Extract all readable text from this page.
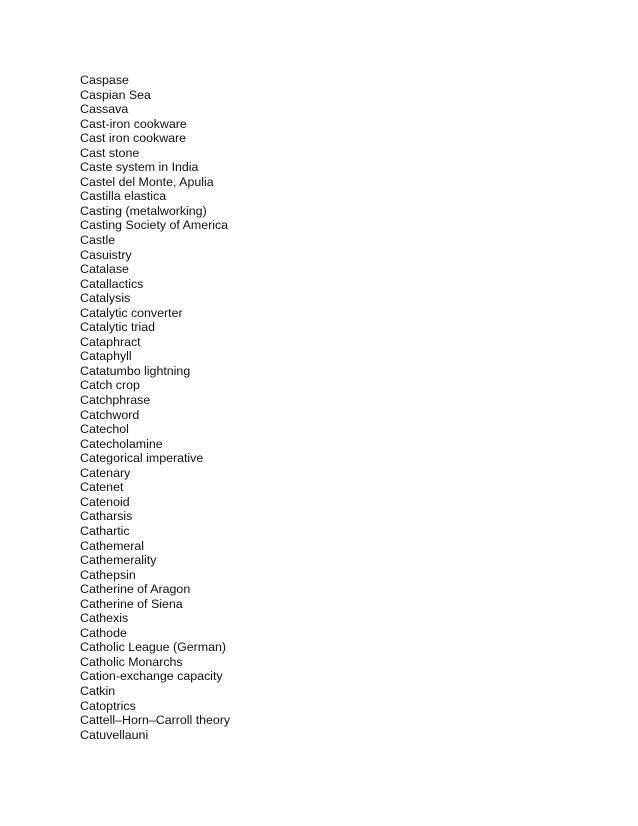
Caspase
Caspian Sea
Cassava
Cast-iron cookware
Cast iron cookware
Cast stone
Caste system in India
Castel del Monte, Apulia
Castilla elastica
Casting (metalworking)
Casting Society of America
Castle
Casuistry
Catalase
Catallactics
Catalysis
Catalytic converter
Catalytic triad
Cataphract
Cataphyll
Catatumbo lightning
Catch crop
Catchphrase
Catchword
Catechol
Catecholamine
Categorical imperative
Catenary
Catenet
Catenoid
Catharsis
Cathartic
Cathemeral
Cathemerality
Cathepsin
Catherine of Aragon
Catherine of Siena
Cathexis
Cathode
Catholic League (German)
Catholic Monarchs
Cation-exchange capacity
Catkin
Catoptrics
Cattell–Horn–Carroll theory
Catuvellauni
